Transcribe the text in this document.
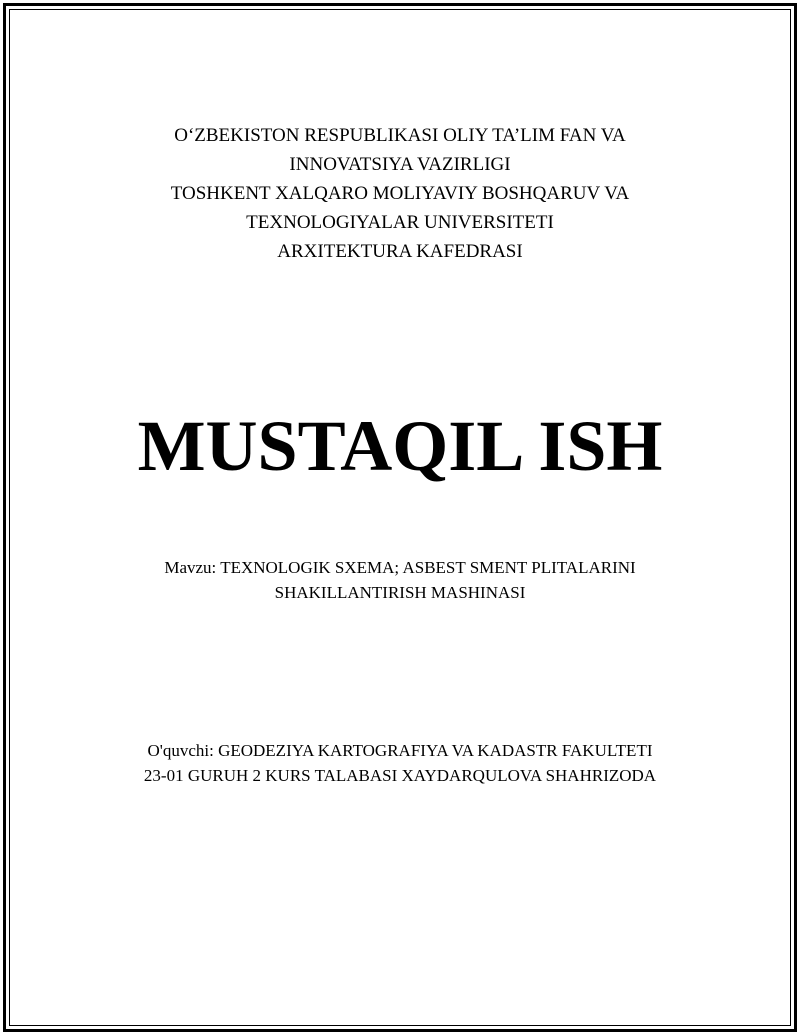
O‘ZBEKISTON RESPUBLIKASI OLIY TA’LIM FAN VA
INNOVATSIYA VAZIRLIGI
TOSHKENT XALQARO MOLIYAVIY BOSHQARUV VA
TEXNOLOGIYALAR UNIVERSITETI
ARXITEKTURA KAFEDRASI
MUSTAQIL ISH
Mavzu: TEXNOLOGIK SXEMA; ASBEST SMENT PLITALARINI
SHAKILLANTIRISH MASHINASI
O'quvchi: GEODEZIYA KARTOGRAFIYA VA KADASTR FAKULTETI
23-01 GURUH 2 KURS TALABASI XAYDARQULOVA SHAHRIZODA
